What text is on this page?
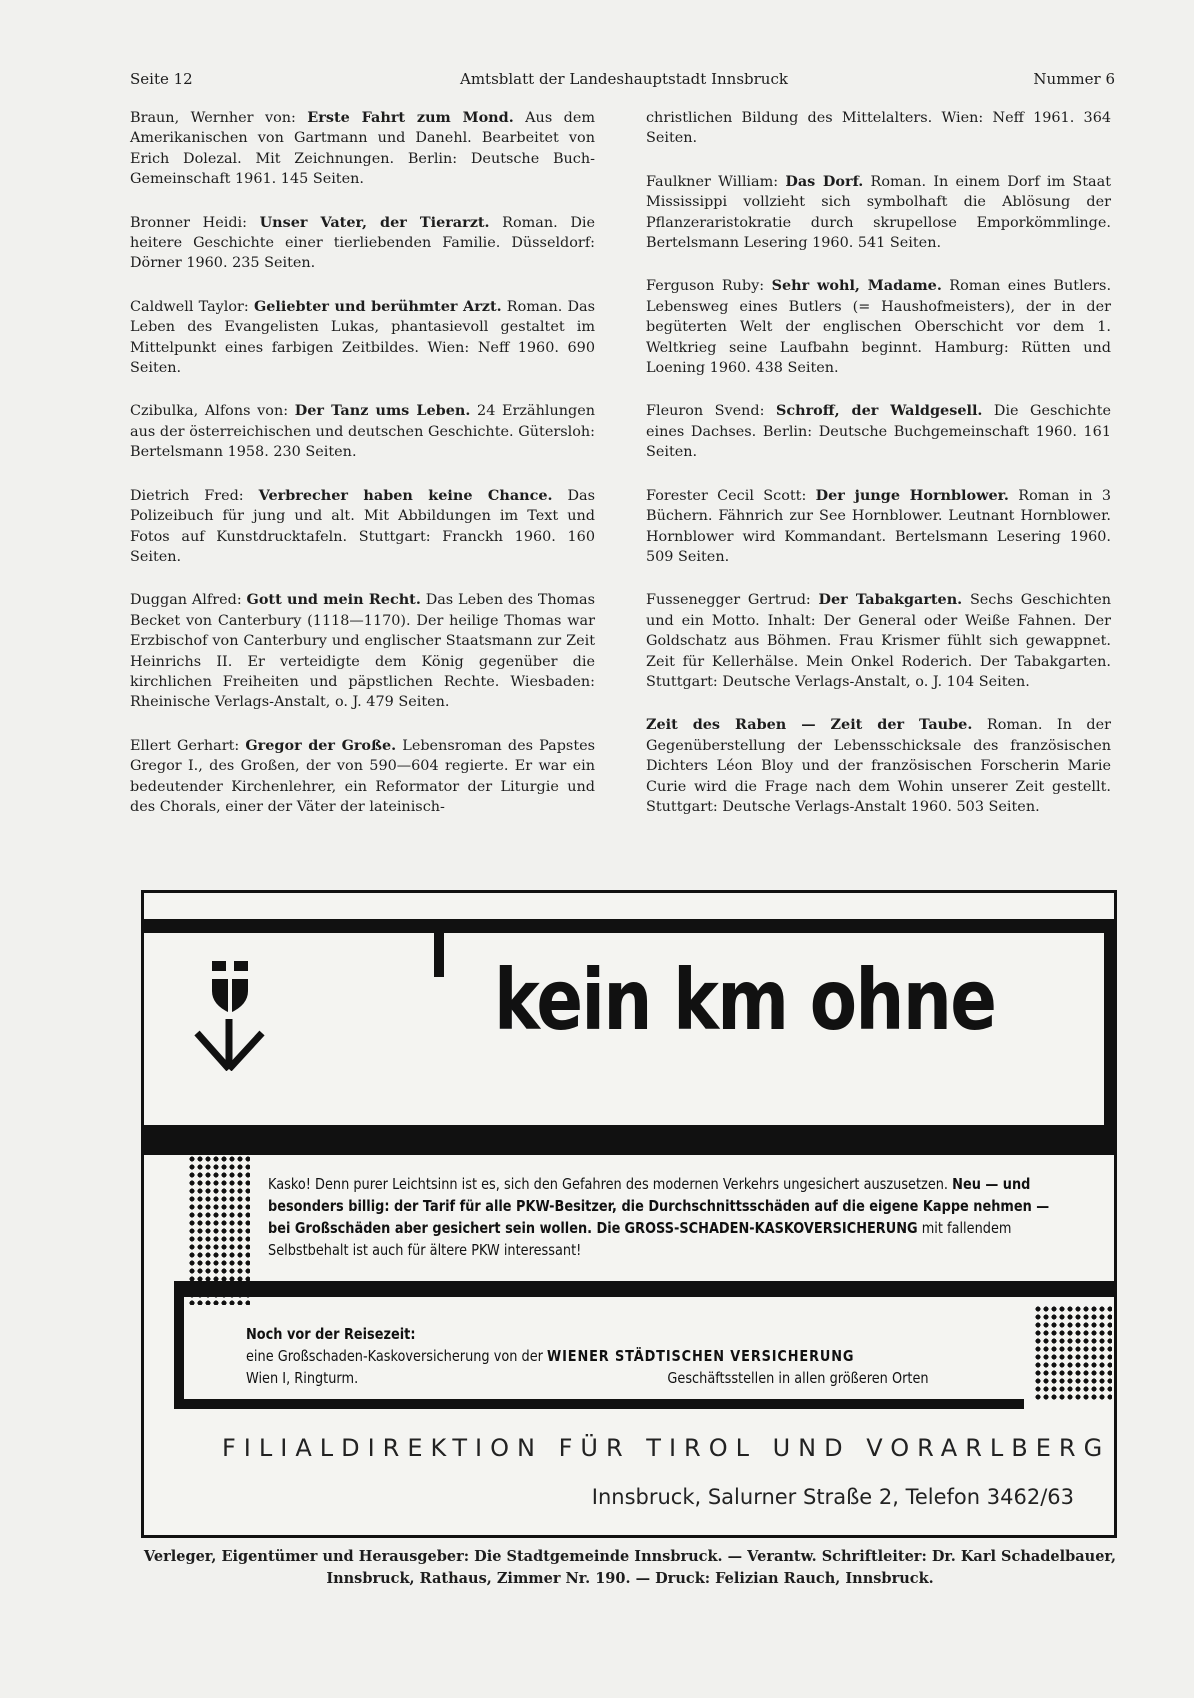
Seite 12	Amtsblatt der Landeshauptstadt Innsbruck	Nummer 6

Braun, Wernher von: Erste Fahrt zum Mond. Aus dem Amerikanischen von Gartmann und Danehl. Bearbeitet von Erich Dolezal. Mit Zeichnungen. Berlin: Deutsche Buch-Gemeinschaft 1961. 145 Seiten.

Bronner Heidi: Unser Vater, der Tierarzt. Roman. Die heitere Geschichte einer tierliebenden Familie. Düsseldorf: Dörner 1960. 235 Seiten.

Caldwell Taylor: Geliebter und berühmter Arzt. Roman. Das Leben des Evangelisten Lukas, phantasievoll gestaltet im Mittelpunkt eines farbigen Zeitbildes. Wien: Neff 1960. 690 Seiten.

Czibulka, Alfons von: Der Tanz ums Leben. 24 Erzählungen aus der österreichischen und deutschen Geschichte. Gütersloh: Bertelsmann 1958. 230 Seiten.

Dietrich Fred: Verbrecher haben keine Chance. Das Polizeibuch für jung und alt. Mit Abbildungen im Text und Fotos auf Kunstdrucktafeln. Stuttgart: Franckh 1960. 160 Seiten.

Duggan Alfred: Gott und mein Recht. Das Leben des Thomas Becket von Canterbury (1118—1170). Der heilige Thomas war Erzbischof von Canterbury und englischer Staatsmann zur Zeit Heinrichs II. Er verteidigte dem König gegenüber die kirchlichen Freiheiten und päpstlichen Rechte. Wiesbaden: Rheinische Verlags-Anstalt, o. J. 479 Seiten.

Ellert Gerhart: Gregor der Große. Lebensroman des Papstes Gregor I., des Großen, der von 590—604 regierte. Er war ein bedeutender Kirchenlehrer, ein Reformator der Liturgie und des Chorals, einer der Väter der lateinisch-

christlichen Bildung des Mittelalters. Wien: Neff 1961. 364 Seiten.

Faulkner William: Das Dorf. Roman. In einem Dorf im Staat Mississippi vollzieht sich symbolhaft die Ablösung der Pflanzeraristokratie durch skrupellose Emporkömmlinge. Bertelsmann Lesering 1960. 541 Seiten.

Ferguson Ruby: Sehr wohl, Madame. Roman eines Butlers. Lebensweg eines Butlers (= Haushofmeisters), der in der begüterten Welt der englischen Oberschicht vor dem 1. Weltkrieg seine Laufbahn beginnt. Hamburg: Rütten und Loening 1960. 438 Seiten.

Fleuron Svend: Schroff, der Waldgesell. Die Geschichte eines Dachses. Berlin: Deutsche Buchgemeinschaft 1960. 161 Seiten.

Forester Cecil Scott: Der junge Hornblower. Roman in 3 Büchern. Fähnrich zur See Hornblower. Leutnant Hornblower. Hornblower wird Kommandant. Bertelsmann Lesering 1960. 509 Seiten.

Fussenegger Gertrud: Der Tabakgarten. Sechs Geschichten und ein Motto. Inhalt: Der General oder Weiße Fahnen. Der Goldschatz aus Böhmen. Frau Krismer fühlt sich gewappnet. Zeit für Kellerhälse. Mein Onkel Roderich. Der Tabakgarten. Stuttgart: Deutsche Verlags-Anstalt, o. J. 104 Seiten.

Zeit des Raben — Zeit der Taube. Roman. In der Gegenüberstellung der Lebensschicksale des französischen Dichters Léon Bloy und der französischen Forscherin Marie Curie wird die Frage nach dem Wohin unserer Zeit gestellt. Stuttgart: Deutsche Verlags-Anstalt 1960. 503 Seiten.

kein km ohne
Kasko! Denn purer Leichtsinn ist es, sich den Gefahren des modernen Verkehrs ungesichert auszusetzen. Neu — und besonders billig: der Tarif für alle PKW-Besitzer, die Durchschnittsschäden auf die eigene Kappe nehmen — bei Großschäden aber gesichert sein wollen. Die GROSS-SCHADEN-KASKOVERSICHERUNG mit fallendem Selbstbehalt ist auch für ältere PKW interessant!
Noch vor der Reisezeit:
eine Großschaden-Kaskoversicherung von der WIENER STÄDTISCHEN VERSICHERUNG
Wien I, Ringturm.	Geschäftsstellen in allen größeren Orten
FILIALDIREKTION FÜR TIROL UND VORARLBERG
Innsbruck, Salurner Straße 2, Telefon 3462/63
Verleger, Eigentümer und Herausgeber: Die Stadtgemeinde Innsbruck. — Verantw. Schriftleiter: Dr. Karl Schadelbauer,
Innsbruck, Rathaus, Zimmer Nr. 190. — Druck: Felizian Rauch, Innsbruck.
